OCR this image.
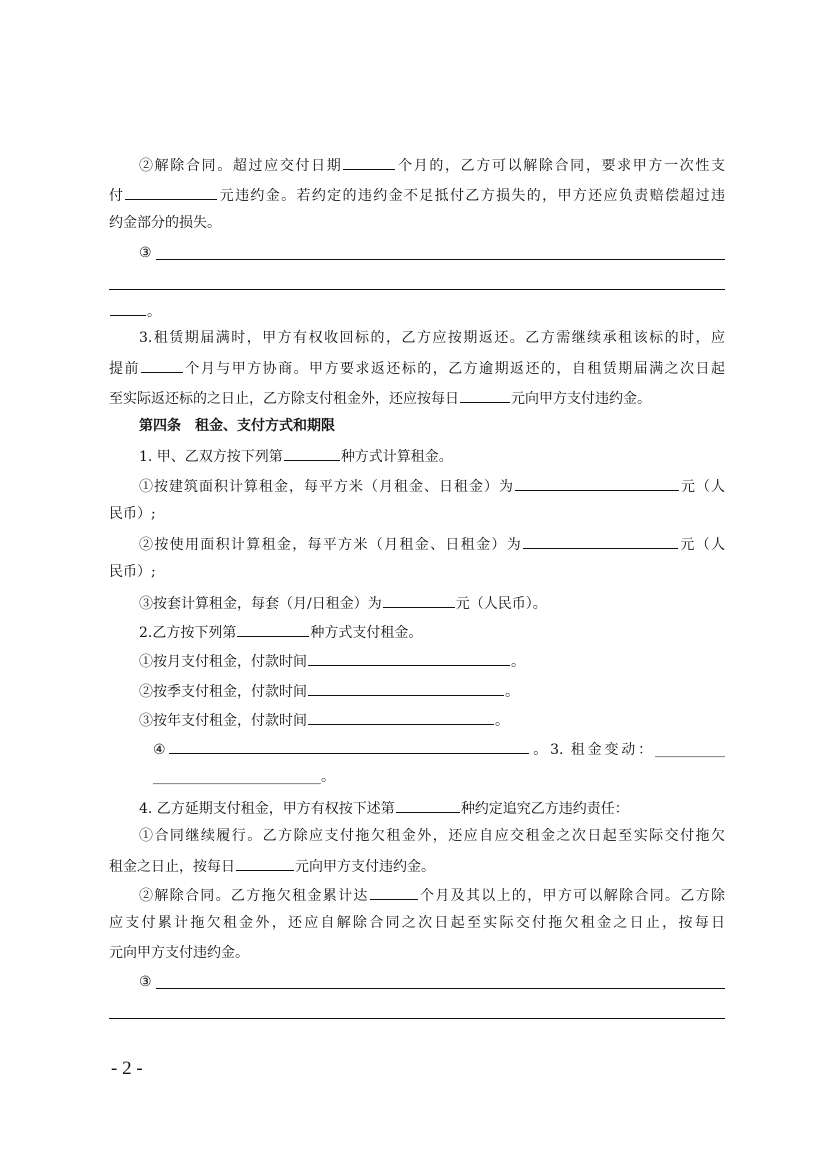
②解除合同。超过应交付日期	个月的，乙方可以解除合同，要求甲方一次性支
付	元违约金。若约定的违约金不足抵付乙方损失的，甲方还应负责赔偿超过违
约金部分的损失。
③
。
3.租赁期届满时，甲方有权收回标的，乙方应按期返还。乙方需继续承租该标的时，应
提前	个月与甲方协商。甲方要求返还标的，乙方逾期返还的，自租赁期届满之次日起
至实际返还标的之日止，乙方除支付租金外，还应按每日	元向甲方支付违约金。
第四条　租金、支付方式和期限
1. 甲、乙双方按下列第	种方式计算租金。
①按建筑面积计算租金，每平方米（月租金、日租金）为	元（人
民币）;
②按使用面积计算租金，每平方米（月租金、日租金）为	元（人
民币）;
③按套计算租金，每套（月/日租金）为	元（人民币）。
2.乙方按下列第	种方式支付租金。
①按月支付租金，付款时间	。
②按季支付租金，付款时间	。
③按年支付租金，付款时间	。
④	。3. 租金变动：__________
________________________。
4. 乙方延期支付租金，甲方有权按下述第	种约定追究乙方违约责任：
①合同继续履行。乙方除应支付拖欠租金外，还应自应交租金之次日起至实际交付拖欠
租金之日止，按每日	元向甲方支付违约金。
②解除合同。乙方拖欠租金累计达	个月及其以上的，甲方可以解除合同。乙方除
应支付累计拖欠租金外，还应自解除合同之次日起至实际交付拖欠租金之日止，按每日
元向甲方支付违约金。
③
- 2 -
